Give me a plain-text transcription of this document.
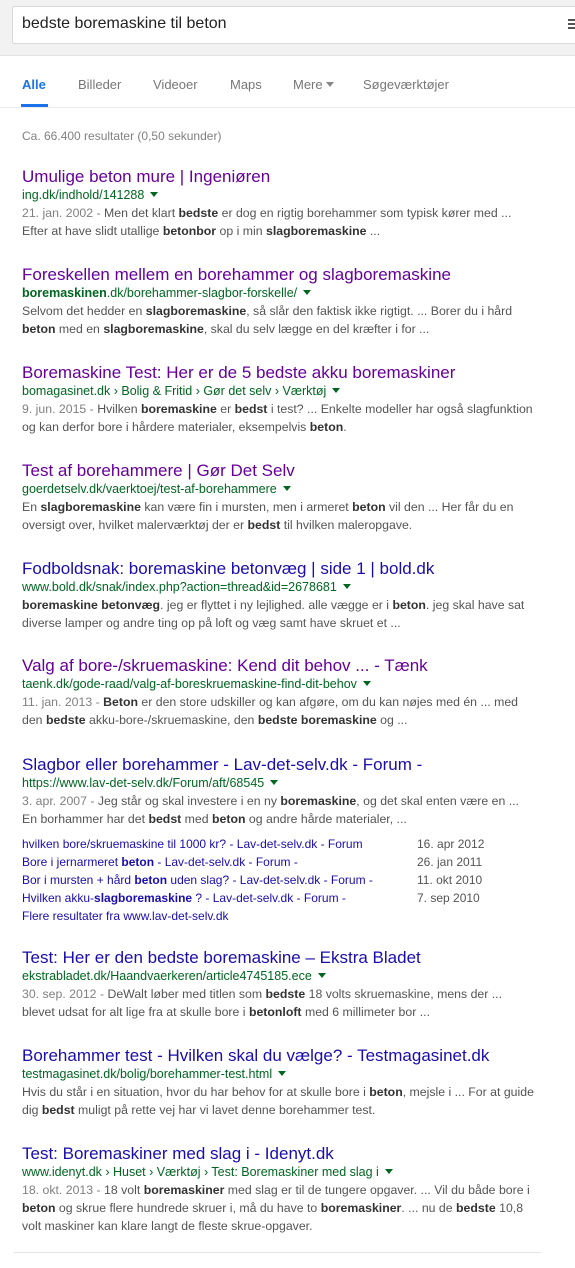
bedste boremaskine til beton
Alle Billeder Videoer Maps Mere	Søgeværktøjer
Ca. 66.400 resultater (0,50 sekunder)
Umulige beton mure | Ingeniøren
ing.dk/indhold/141288
21. jan. 2002 - Men det klart bedste er dog en rigtig borehammer som typisk kører med ... Efter at have slidt utallige betonbor op i min slagboremaskine ...
Foreskellen mellem en borehammer og slagboremaskine
boremaskinen.dk/borehammer-slagbor-forskelle/
Selvom det hedder en slagboremaskine, så slår den faktisk ikke rigtigt. ... Borer du i hård beton med en slagboremaskine, skal du selv lægge en del kræfter i for ...
Boremaskine Test: Her er de 5 bedste akku boremaskiner
bomagasinet.dk › Bolig & Fritid › Gør det selv › Værktøj
9. jun. 2015 - Hvilken boremaskine er bedst i test? ... Enkelte modeller har også slagfunktion og kan derfor bore i hårdere materialer, eksempelvis beton.
Test af borehammere | Gør Det Selv
goerdetselv.dk/vaerktoej/test-af-borehammere
En slagboremaskine kan være fin i mursten, men i armeret beton vil den ... Her får du en oversigt over, hvilket malerværktøj der er bedst til hvilken maleropgave.
Fodboldsnak: boremaskine betonvæg | side 1 | bold.dk
www.bold.dk/snak/index.php?action=thread&id=2678681
boremaskine betonvæg. jeg er flyttet i ny lejlighed. alle vægge er i beton. jeg skal have sat diverse lamper og andre ting op på loft og væg samt have skruet et ...
Valg af bore-/skruemaskine: Kend dit behov ... - Tænk
taenk.dk/gode-raad/valg-af-boreskruemaskine-find-dit-behov
11. jan. 2013 - Beton er den store udskiller og kan afgøre, om du kan nøjes med én ... med den bedste akku-bore-/skruemaskine, den bedste boremaskine og ...
Slagbor eller borehammer - Lav-det-selv.dk - Forum -
https://www.lav-det-selv.dk/Forum/aft/68545
3. apr. 2007 - Jeg står og skal investere i en ny boremaskine, og det skal enten være en ... En borhammer har det bedst med beton og andre hårde materialer, ...
Test: Her er den bedste boremaskine – Ekstra Bladet
ekstrabladet.dk/Haandvaerkeren/article4745185.ece
30. sep. 2012 - DeWalt løber med titlen som bedste 18 volts skruemaskine, mens der ... blevet udsat for alt lige fra at skulle bore i betonloft med 6 millimeter bor ...
Borehammer test - Hvilken skal du vælge? - Testmagasinet.dk
testmagasinet.dk/bolig/borehammer-test.html
Hvis du står i en situation, hvor du har behov for at skulle bore i beton, mejsle i ... For at guide dig bedst muligt på rette vej har vi lavet denne borehammer test.
Test: Boremaskiner med slag i - Idenyt.dk
www.idenyt.dk › Huset › Værktøj › Test: Boremaskiner med slag i
18. okt. 2013 - 18 volt boremaskiner med slag er til de tungere opgaver. ... Vil du både bore i beton og skrue flere hundrede skruer i, må du have to boremaskiner. ... nu de bedste 10,8 volt maskiner kan klare langt de fleste skrue-opgaver.
hvilken bore/skruemaskine til 1000 kr? - Lav-det-selv.dk - Forum	16. apr 2012
Bore i jernarmeret beton - Lav-det-selv.dk - Forum -	26. jan 2011
Bor i mursten + hård beton uden slag? - Lav-det-selv.dk - Forum -	11. okt 2010
Hvilken akku-slagboremaskine ? - Lav-det-selv.dk - Forum -	7. sep 2010
Flere resultater fra www.lav-det-selv.dk
